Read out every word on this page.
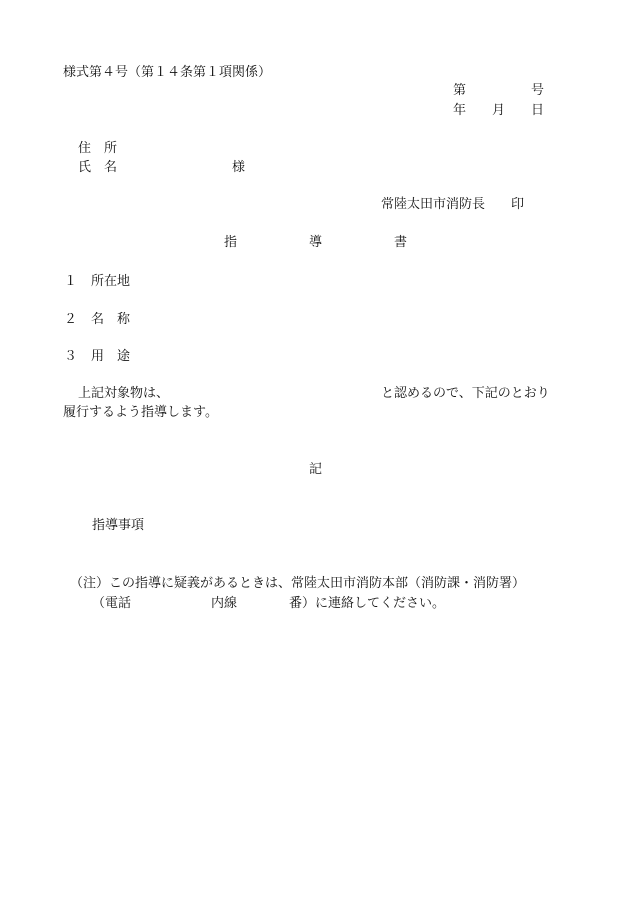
様式第４号（第１４条第１項関係）
第　　　　　号
年　　月　　日
住　所
氏　名	様
常陸太田市消防長　　印
指	導	書
１ 所在地
２ 名　称
３ 用　途
上記対象物は、	と認めるので、下記のとおり
履行するよう指導します。
記
指導事項
（注）この指導に疑義があるときは、常陸太田市消防本部（消防課・消防署）
（電話	内線	番）に連絡してください。
